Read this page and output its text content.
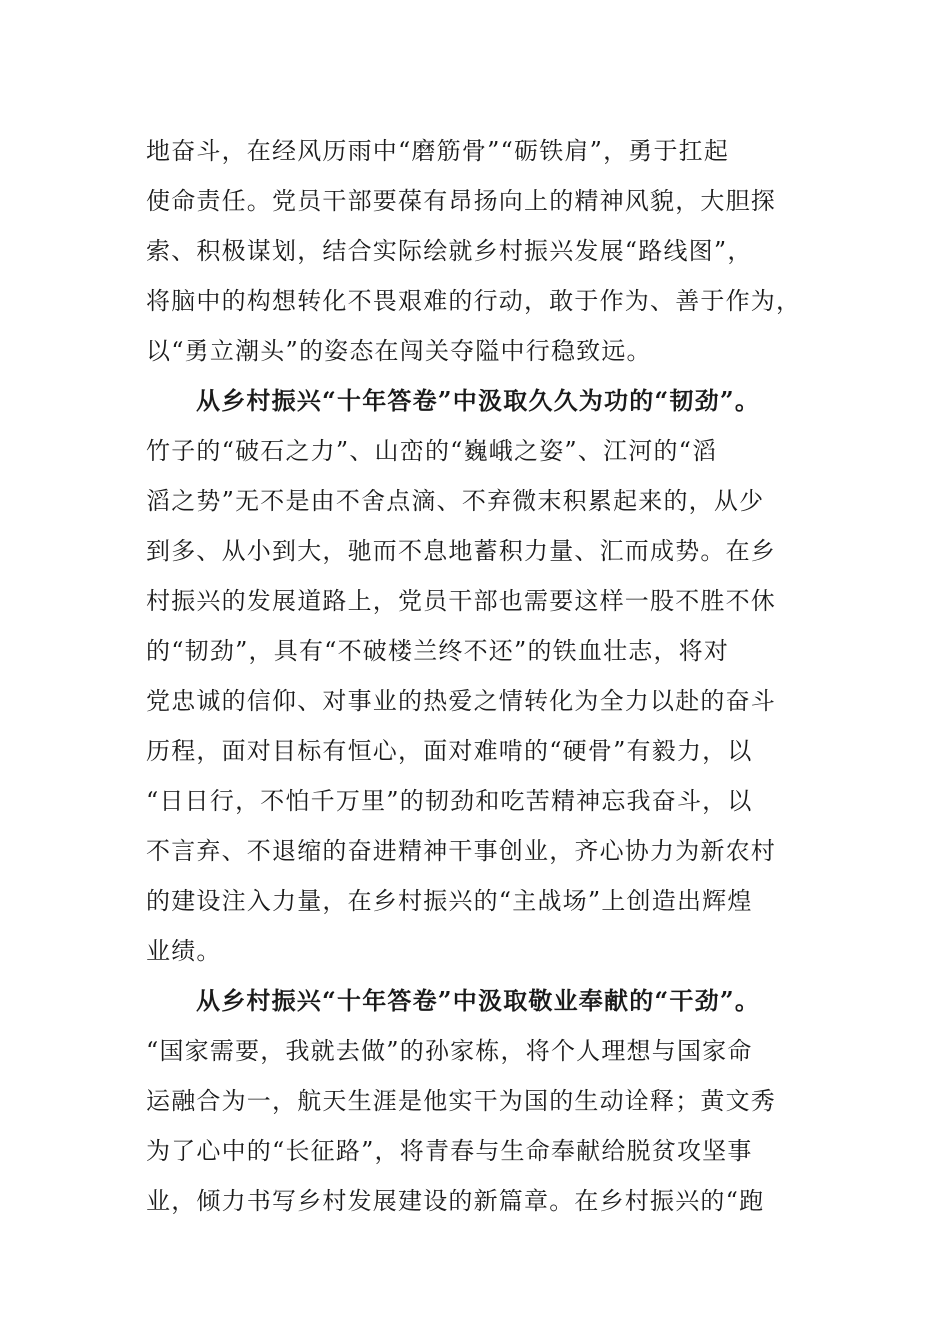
地奋斗，在经风历雨中“磨筋骨”“砺铁肩”，勇于扛起
使命责任。党员干部要葆有昂扬向上的精神风貌，大胆探
索、积极谋划，结合实际绘就乡村振兴发展“路线图”，
将脑中的构想转化不畏艰难的行动，敢于作为、善于作为，
以“勇立潮头”的姿态在闯关夺隘中行稳致远。
从乡村振兴“十年答卷”中汲取久久为功的“韧劲”。
竹子的“破石之力”、山峦的“巍峨之姿”、江河的“滔
滔之势”无不是由不舍点滴、不弃微末积累起来的，从少
到多、从小到大，驰而不息地蓄积力量、汇而成势。在乡
村振兴的发展道路上，党员干部也需要这样一股不胜不休
的“韧劲”，具有“不破楼兰终不还”的铁血壮志，将对
党忠诚的信仰、对事业的热爱之情转化为全力以赴的奋斗
历程，面对目标有恒心，面对难啃的“硬骨”有毅力，以
“日日行，不怕千万里”的韧劲和吃苦精神忘我奋斗，以
不言弃、不退缩的奋进精神干事创业，齐心协力为新农村
的建设注入力量，在乡村振兴的“主战场”上创造出辉煌
业绩。
从乡村振兴“十年答卷”中汲取敬业奉献的“干劲”。
“国家需要，我就去做”的孙家栋，将个人理想与国家命
运融合为一，航天生涯是他实干为国的生动诠释；黄文秀
为了心中的“长征路”，将青春与生命奉献给脱贫攻坚事
业，倾力书写乡村发展建设的新篇章。在乡村振兴的“跑
